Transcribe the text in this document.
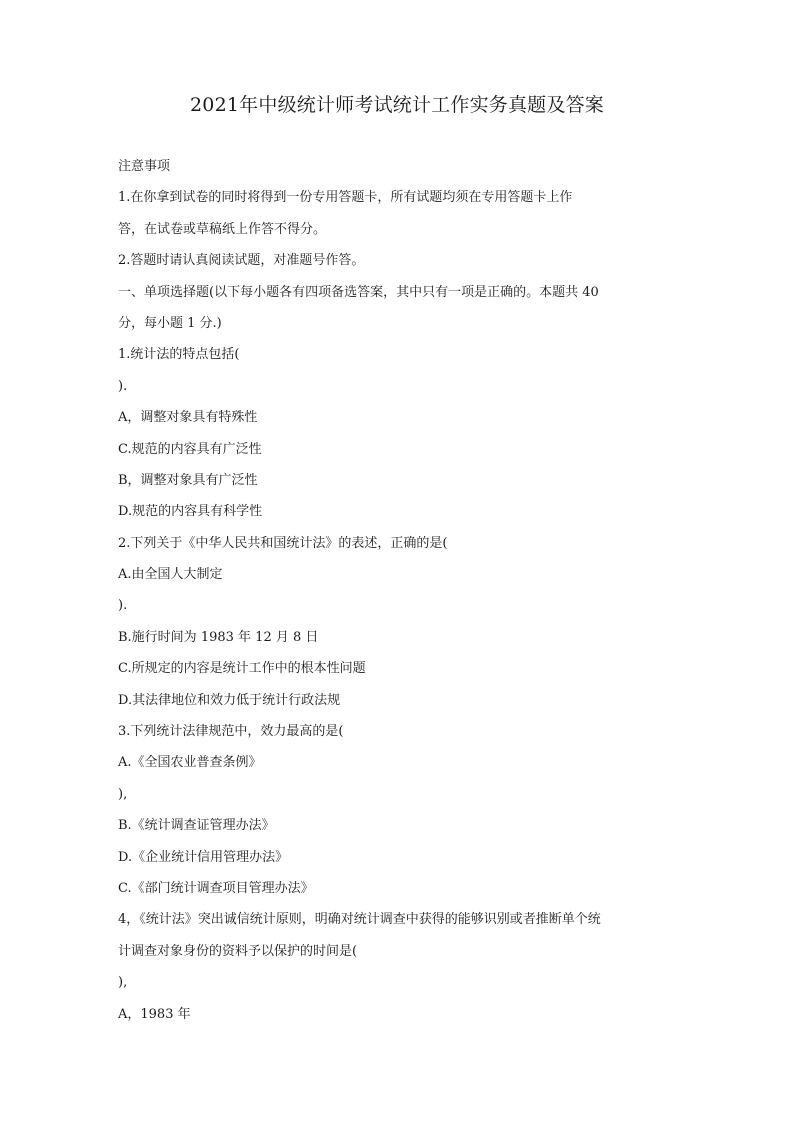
2021年中级统计师考试统计工作实务真题及答案

注意事项

1.在你拿到试卷的同时将得到一份专用答题卡，所有试题均须在专用答题卡上作

答，在试卷或草稿纸上作答不得分。

2.答题时请认真阅读试题，对准题号作答。

一、单项选择题(以下每小题各有四项备选答案，其中只有一项是正确的。本题共 40

分，每小题 1 分.)

1.统计法的特点包括(

).

A，调整对象具有特殊性

C.规范的内容具有广泛性

B，调整对象具有广泛性

D.规范的内容具有科学性

2.下列关于《中华人民共和国统计法》的表述，正确的是(

A.由全国人大制定

).

B.施行时间为 1983 年 12 月 8 日

C.所规定的内容是统计工作中的根本性问题

D.其法律地位和效力低于统计行政法规

3.下列统计法律规范中，效力最高的是(

A.《全国农业普查条例》

),

B.《统计调查证管理办法》

D.《企业统计信用管理办法》

C.《部门统计调查项目管理办法》

4，《统计法》突出诚信统计原则，明确对统计调查中获得的能够识别或者推断单个统

计调查对象身份的资料予以保护的时间是(

),

A，1983 年
